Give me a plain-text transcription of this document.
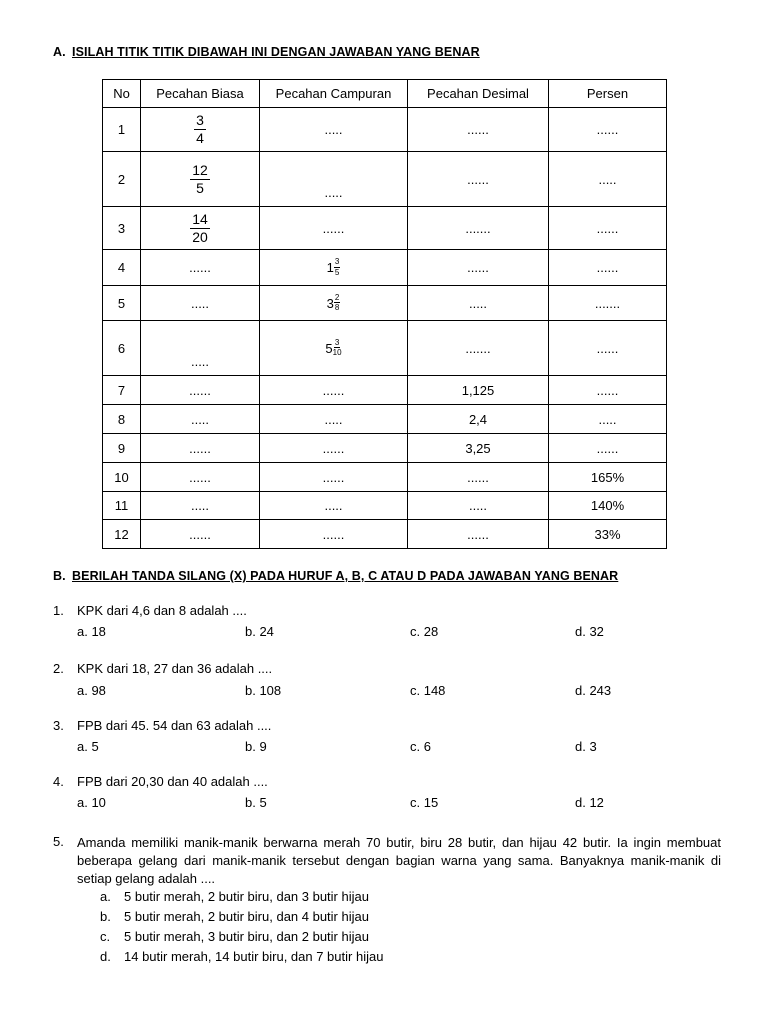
A. ISILAH TITIK TITIK DIBAWAH INI DENGAN JAWABAN YANG BENAR
No	Pecahan Biasa	Pecahan Campuran	Pecahan Desimal	Persen
1	$\frac{3}{4}$	.....	......	......
2	$\frac{12}{5}$	.....	......	.....
3	$\frac{14}{20}$	......	.......	......
4	......	$1 \frac{3}{5}$	......	......
5	.....	$3 \frac{2}{8}$	.....	.......
6	.....	$5 \frac{3}{10}$	.......	......
7	......	......	1,125	......
8	.....	.....	2,4	.....
9	......	......	3,25	......
10	......	......	......	165%
11	.....	.....	.....	140%
12	......	......	......	33%
B. BERILAH TANDA SILANG (X) PADA HURUF A, B, C ATAU D PADA JAWABAN YANG BENAR
1. KPK dari 4,6 dan 8 adalah ....
a. 18	b. 24	c. 28	d. 32
2. KPK dari 18, 27 dan 36 adalah ....
a. 98	b. 108	c. 148	d. 243
3. FPB dari 45. 54 dan 63 adalah ....
a. 5	b. 9	c. 6	d. 3
4. FPB dari 20,30 dan 40 adalah ....
a. 10	b. 5	c. 15	d. 12
5. Amanda memiliki manik-manik berwarna merah 70 butir, biru 28 butir, dan hijau 42 butir. Ia ingin membuat beberapa gelang dari manik-manik tersebut dengan bagian warna yang sama. Banyaknya manik-manik di setiap gelang adalah ....
a. 5 butir merah, 2 butir biru, dan 3 butir hijau
b. 5 butir merah, 2 butir biru, dan 4 butir hijau
c. 5 butir merah, 3 butir biru, dan 2 butir hijau
d. 14 butir merah, 14 butir biru, dan 7 butir hijau
